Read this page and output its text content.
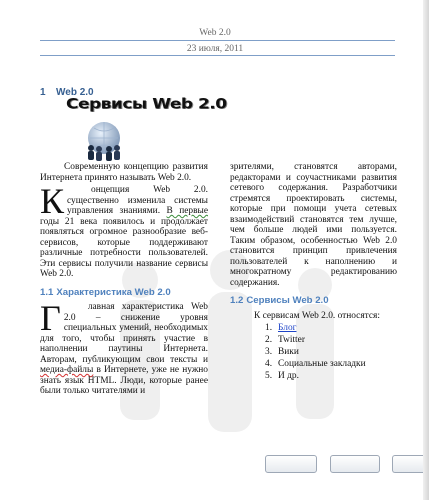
Web 2.0
23 июля, 2011
1 Web 2.0
Сервисы Web 2.0

Современную концепцию развития Интернета принято называть Web 2.0.

К	онцепция Web 2.0. существенно изменила системы управления знаниями. В первые годы 21 века появилось и продолжает появляться огромное разнообразие веб-сервисов, которые поддерживают различные потребности пользователей. Эти сервисы получили название сервисы Web 2.0.

1.1 Характеристика Web 2.0

Г	лавная характеристика Web 2.0 – снижение уровня специальных умений, необходимых для того, чтобы принять участие в наполнении паутины Интернета. Авторам, публикующим свои тексты и медиа-файлы в Интернете, уже не нужно знать язык HTML. Люди, которые ранее были только читателями и

зрителями, становятся авторами, редакторами и соучастниками развития сетевого содержания. Разработчики стремятся проектировать системы, которые при помощи учета сетевых взаимодействий становятся тем лучше, чем больше людей ими пользуется. Таким образом, особенностью Web 2.0 становится принцип привлечения пользователей к наполнению и многократному редактированию содержания.

1.2 Сервисы Web 2.0

К сервисам Web 2.0. относятся:

1. Блог
2. Twitter
3. Вики
4. Социальные закладки
5. И др.
